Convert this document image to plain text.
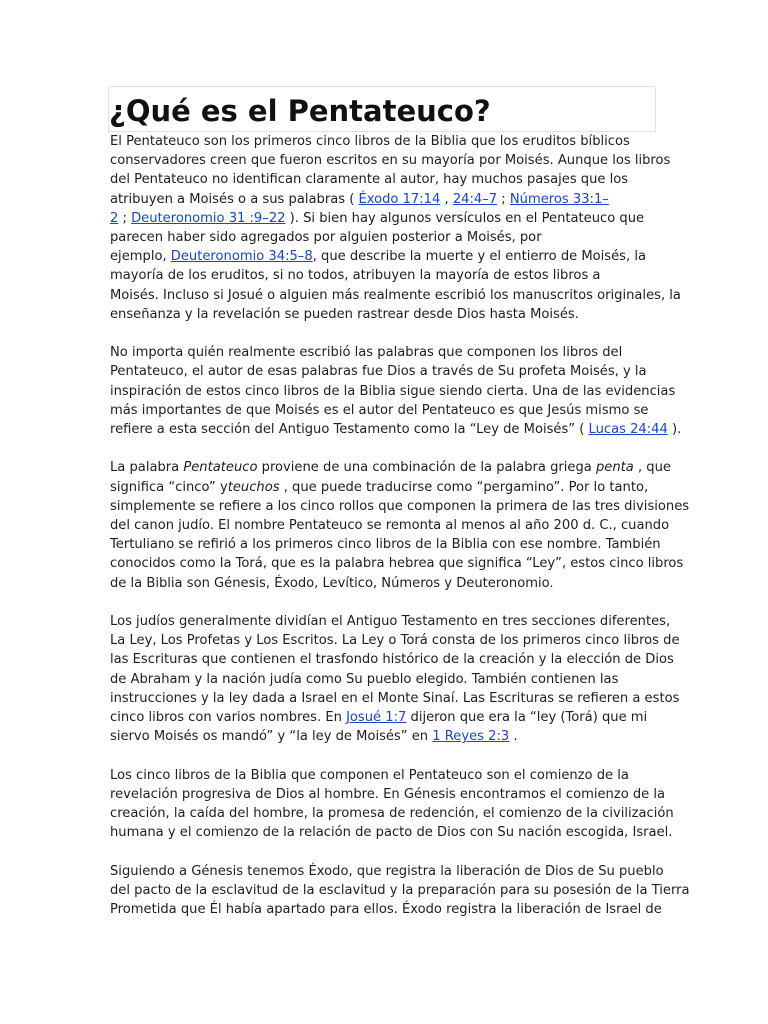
¿Qué es el Pentateuco?

El Pentateuco son los primeros cinco libros de la Biblia que los eruditos bíblicos

conservadores creen que fueron escritos en su mayoría por Moisés. Aunque los libros

del Pentateuco no identifican claramente al autor, hay muchos pasajes que los

atribuyen a Moisés o a sus palabras ( Éxodo 17:14 , 24:4–7 ; Números 33:1–

2 ; Deuteronomio 31 :9–22 ). Si bien hay algunos versículos en el Pentateuco que

parecen haber sido agregados por alguien posterior a Moisés, por

ejemplo, Deuteronomio 34:5–8, que describe la muerte y el entierro de Moisés, la

mayoría de los eruditos, si no todos, atribuyen la mayoría de estos libros a

Moisés. Incluso si Josué o alguien más realmente escribió los manuscritos originales, la

enseñanza y la revelación se pueden rastrear desde Dios hasta Moisés.

No importa quién realmente escribió las palabras que componen los libros del

Pentateuco, el autor de esas palabras fue Dios a través de Su profeta Moisés, y la

inspiración de estos cinco libros de la Biblia sigue siendo cierta. Una de las evidencias

más importantes de que Moisés es el autor del Pentateuco es que Jesús mismo se

refiere a esta sección del Antiguo Testamento como la “Ley de Moisés” ( Lucas 24:44 ).

La palabra Pentateuco proviene de una combinación de la palabra griega penta , que

significa “cinco” yteuchos , que puede traducirse como “pergamino”. Por lo tanto,

simplemente se refiere a los cinco rollos que componen la primera de las tres divisiones

del canon judío. El nombre Pentateuco se remonta al menos al año 200 d. C., cuando

Tertuliano se refirió a los primeros cinco libros de la Biblia con ese nombre. También

conocidos como la Torá, que es la palabra hebrea que significa “Ley”, estos cinco libros

de la Biblia son Génesis, Éxodo, Levítico, Números y Deuteronomio.

Los judíos generalmente dividían el Antiguo Testamento en tres secciones diferentes,

La Ley, Los Profetas y Los Escritos. La Ley o Torá consta de los primeros cinco libros de

las Escrituras que contienen el trasfondo histórico de la creación y la elección de Dios

de Abraham y la nación judía como Su pueblo elegido. También contienen las

instrucciones y la ley dada a Israel en el Monte Sinaí. Las Escrituras se refieren a estos

cinco libros con varios nombres. En Josué 1:7 dijeron que era la “ley (Torá) que mi

siervo Moisés os mandó” y “la ley de Moisés” en 1 Reyes 2:3 .

Los cinco libros de la Biblia que componen el Pentateuco son el comienzo de la

revelación progresiva de Dios al hombre. En Génesis encontramos el comienzo de la

creación, la caída del hombre, la promesa de redención, el comienzo de la civilización

humana y el comienzo de la relación de pacto de Dios con Su nación escogida, Israel.

Siguiendo a Génesis tenemos Éxodo, que registra la liberación de Dios de Su pueblo

del pacto de la esclavitud de la esclavitud y la preparación para su posesión de la Tierra

Prometida que Él había apartado para ellos. Éxodo registra la liberación de Israel de
